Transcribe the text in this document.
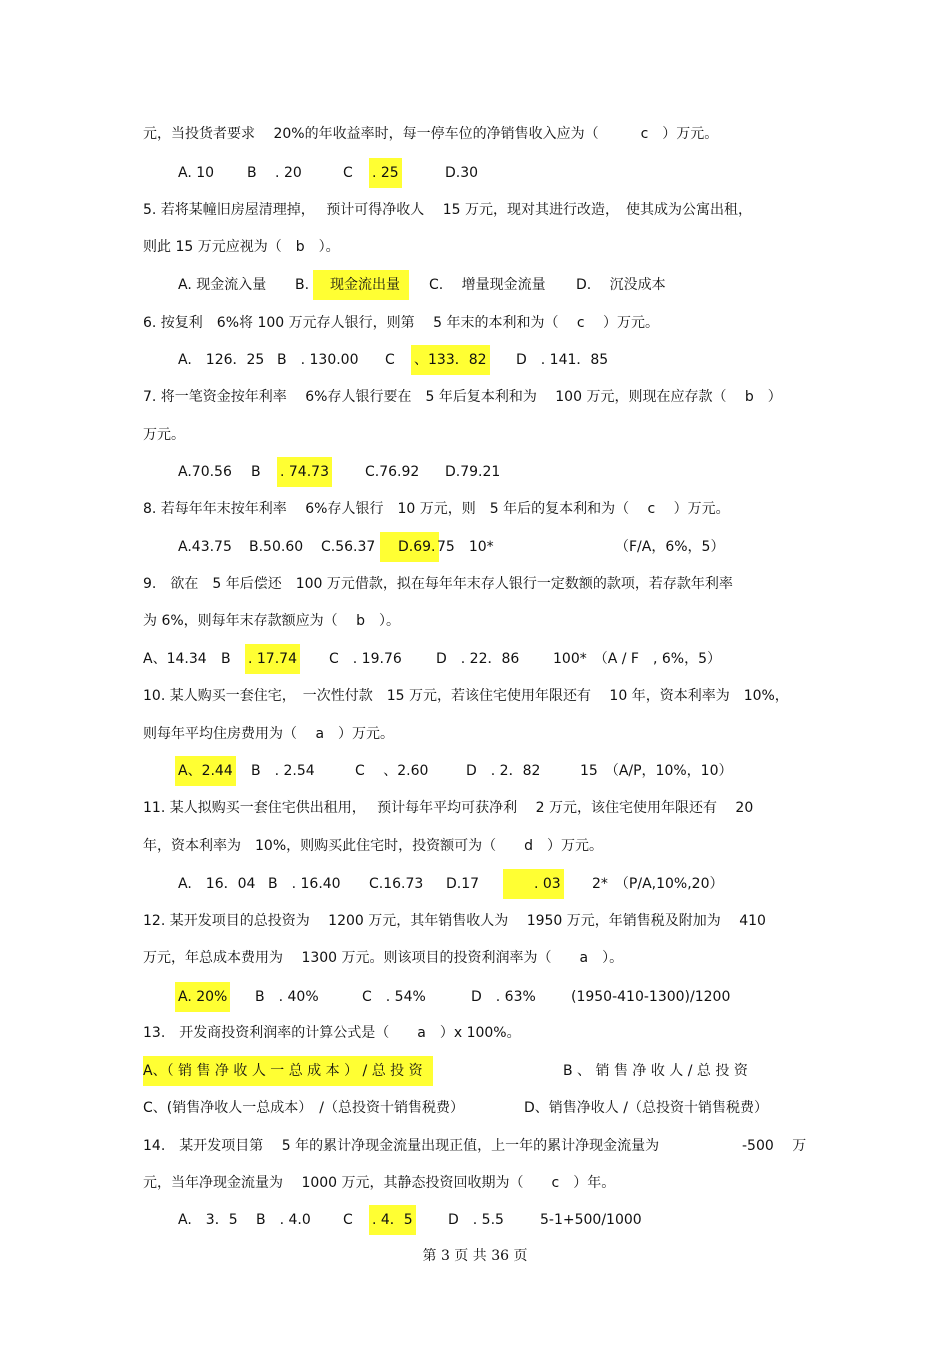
元，当投货者要求　 20%的年收益率时，每一停车位的净销售收入应为（　　　c　）万元。
A. 10 B　 . 20	C . 25	D.30
5. 若将某幢旧房屋清理掉，　 预计可得净收人　 15 万元，现对其进行改造，　使其成为公寓出租，
则此 15 万元应视为（　b　）。
A. 现金流入量 B.	现金流出量	C.　 增量现金流量 D.　 沉没成本
6. 按复利　6%将 100 万元存人银行，则第　 5 年末的本利和为（　 c　 ）万元。
A.　126．25 B　. 130.00 C 、133．82 D　. 141．85
7. 将一笔资金按年利率　 6%存人银行要在　5 年后复本利和为　 100 万元，则现在应存款（　 b　）
万元。
A.70.56 B . 74.73	C.76.92 D.79.21
8. 若每年年末按年利率　 6%存人银行　10 万元，则　5 年后的复本利和为（　 c　 ）万元。
A.43.75 B.50.60 C.56.37	D.69. 75　10*	（F/A，6%，5）
9.　欲在　5 年后偿还　100 万元借款，拟在每年年末存人银行一定数额的款项，若存款年利率
为 6%，则每年末存款额应为（　 b　）。
A、14.34 B . 17.74 C　. 19.76 D　. 22．86 100*　（A / F　, 6%，5）
10. 某人购买一套住宅，　一次性付款　15 万元，若该住宅使用年限还有　 10 年，资本利率为　10%，
则每年平均住房费用为（　 a　）万元。
A、2.44 B　. 2.54	C　 、2.60	D　. 2．82	15　（A/P，10%，10）
11. 某人拟购买一套住宅供出租用，　 预计每年平均可获净利　 2 万元，该住宅使用年限还有　 20
年，资本利率为　10%，则购买此住宅时，投资额可为（　　d　）万元。
A.　16．04 B　. 16.40 C.16.73 D.17 　　. 03 2*　（P/A,10%,20）
12. 某开发项目的总投资为　 1200 万元，其年销售收人为　 1950 万元，年销售税及附加为　 410
万元，年总成本费用为　 1300 万元。则该项目的投资利润率为（　　a　）。
A. 20% B　. 40%	C　. 54%	D　. 63%	(1950-410-1300)/1200
13.　开发商投资利润率的计算公式是（　　a　）x 100%。
A、（ 销 售 净 收 人 一 总 成 本 ） / 总 投 资	B 、 销 售 净 收 人 / 总 投 资
C、(销售净收人一总成本）　/（总投资十销售税费）	D、销售净收人 /（总投资十销售税费）
14.　某开发项目第　 5 年的累计净现金流量出现正值，上一年的累计净现金流量为	-500　 万
元，当年净现金流量为　 1000 万元，其静态投资回收期为（　　c　）年。
A.　3．5 B　. 4.0 C . 4．5	D　. 5.5	5-1+500/1000
第 3 页 共 36 页
